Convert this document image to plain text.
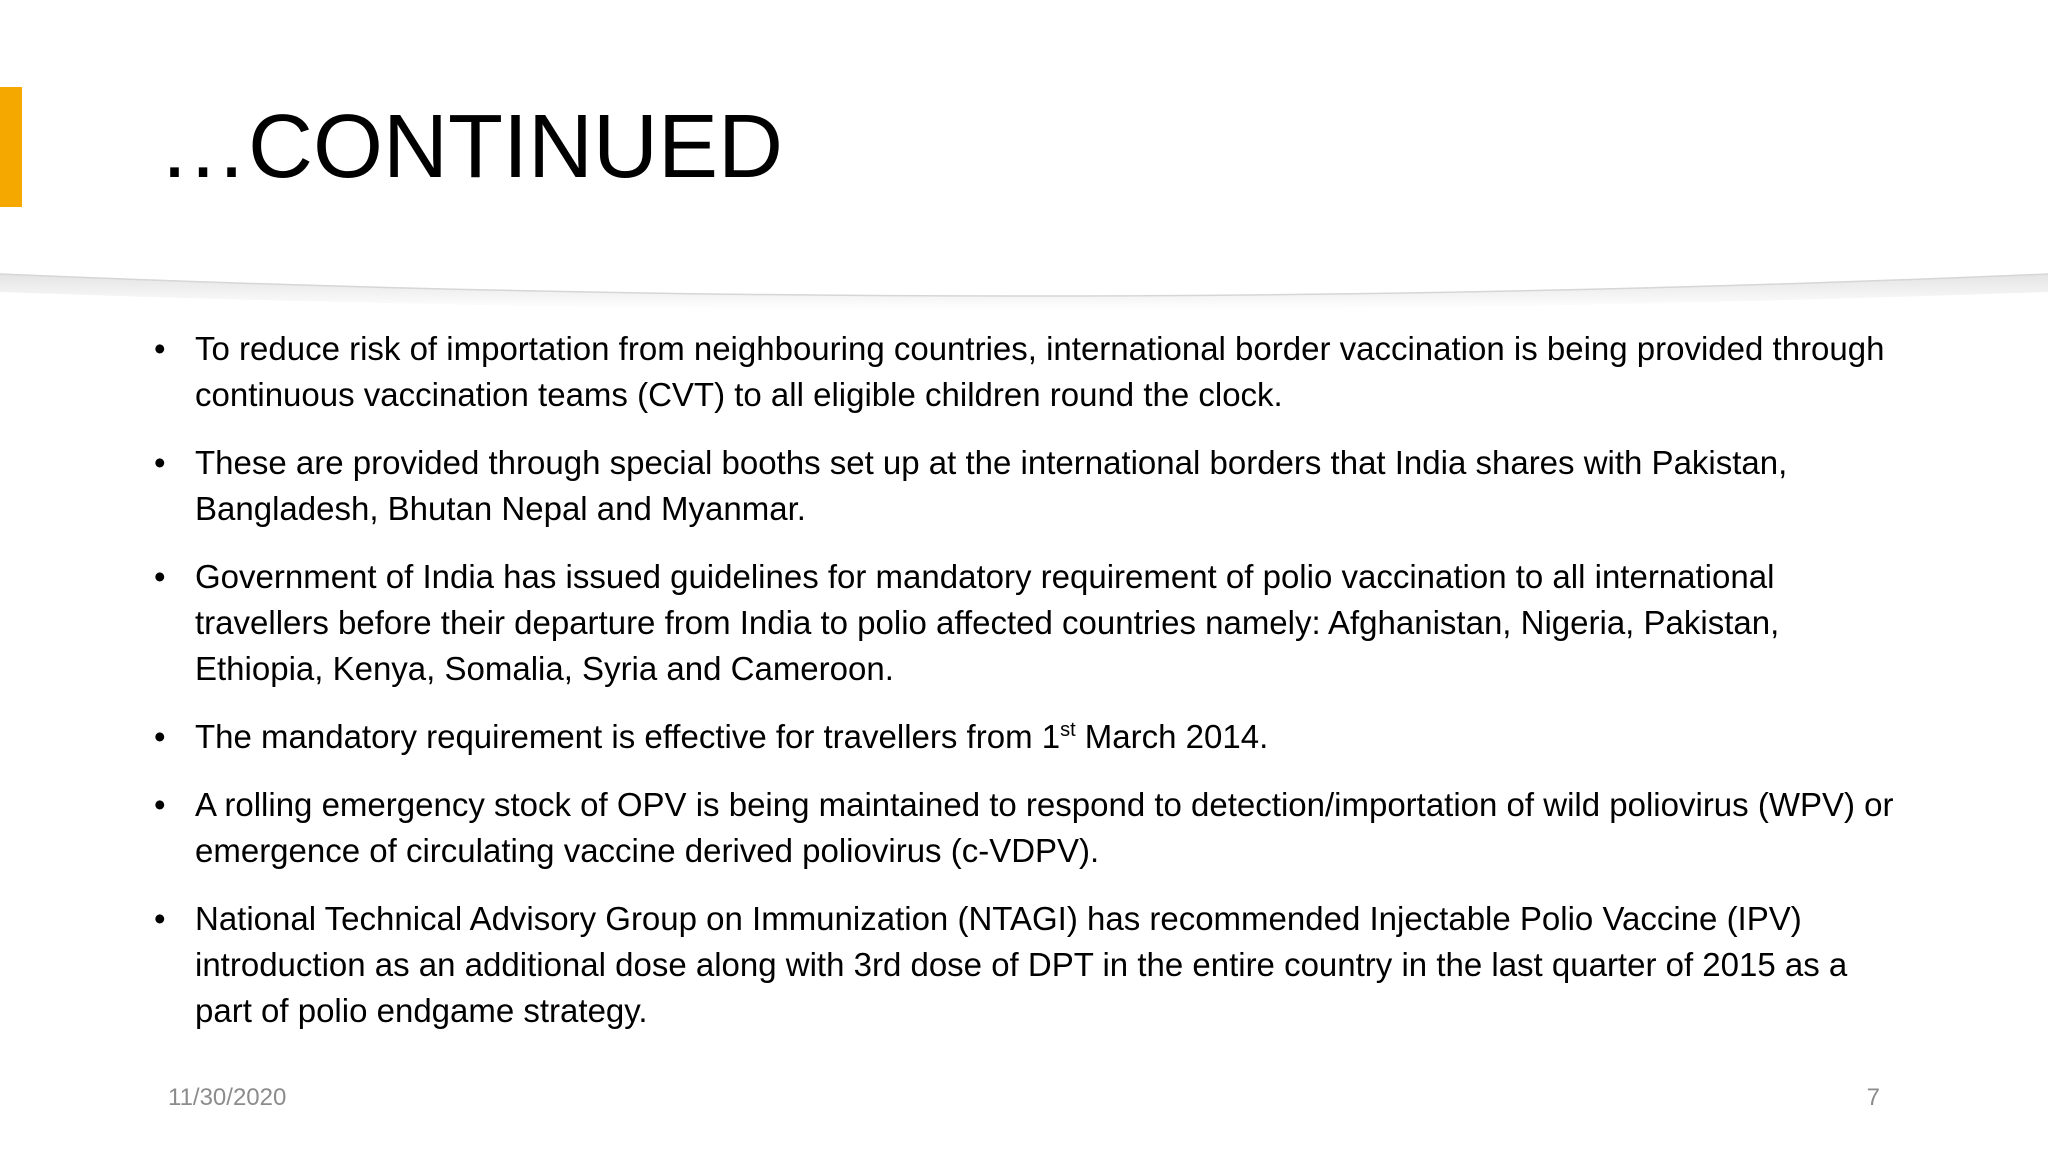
…CONTINUED
• To reduce risk of importation from neighbouring countries, international border vaccination is being provided through continuous vaccination teams (CVT) to all eligible children round the clock.
• These are provided through special booths set up at the international borders that India shares with Pakistan, Bangladesh, Bhutan Nepal and Myanmar.
• Government of India has issued guidelines for mandatory requirement of polio vaccination to all international travellers before their departure from India to polio affected countries namely: Afghanistan, Nigeria, Pakistan, Ethiopia, Kenya, Somalia, Syria and Cameroon.
• The mandatory requirement is effective for travellers from 1st March 2014.
• A rolling emergency stock of OPV is being maintained to respond to detection/importation of wild poliovirus (WPV) or emergence of circulating vaccine derived poliovirus (c-VDPV).
• National Technical Advisory Group on Immunization (NTAGI) has recommended Injectable Polio Vaccine (IPV) introduction as an additional dose along with 3rd dose of DPT in the entire country in the last quarter of 2015 as a part of polio endgame strategy.
11/30/2020	7
